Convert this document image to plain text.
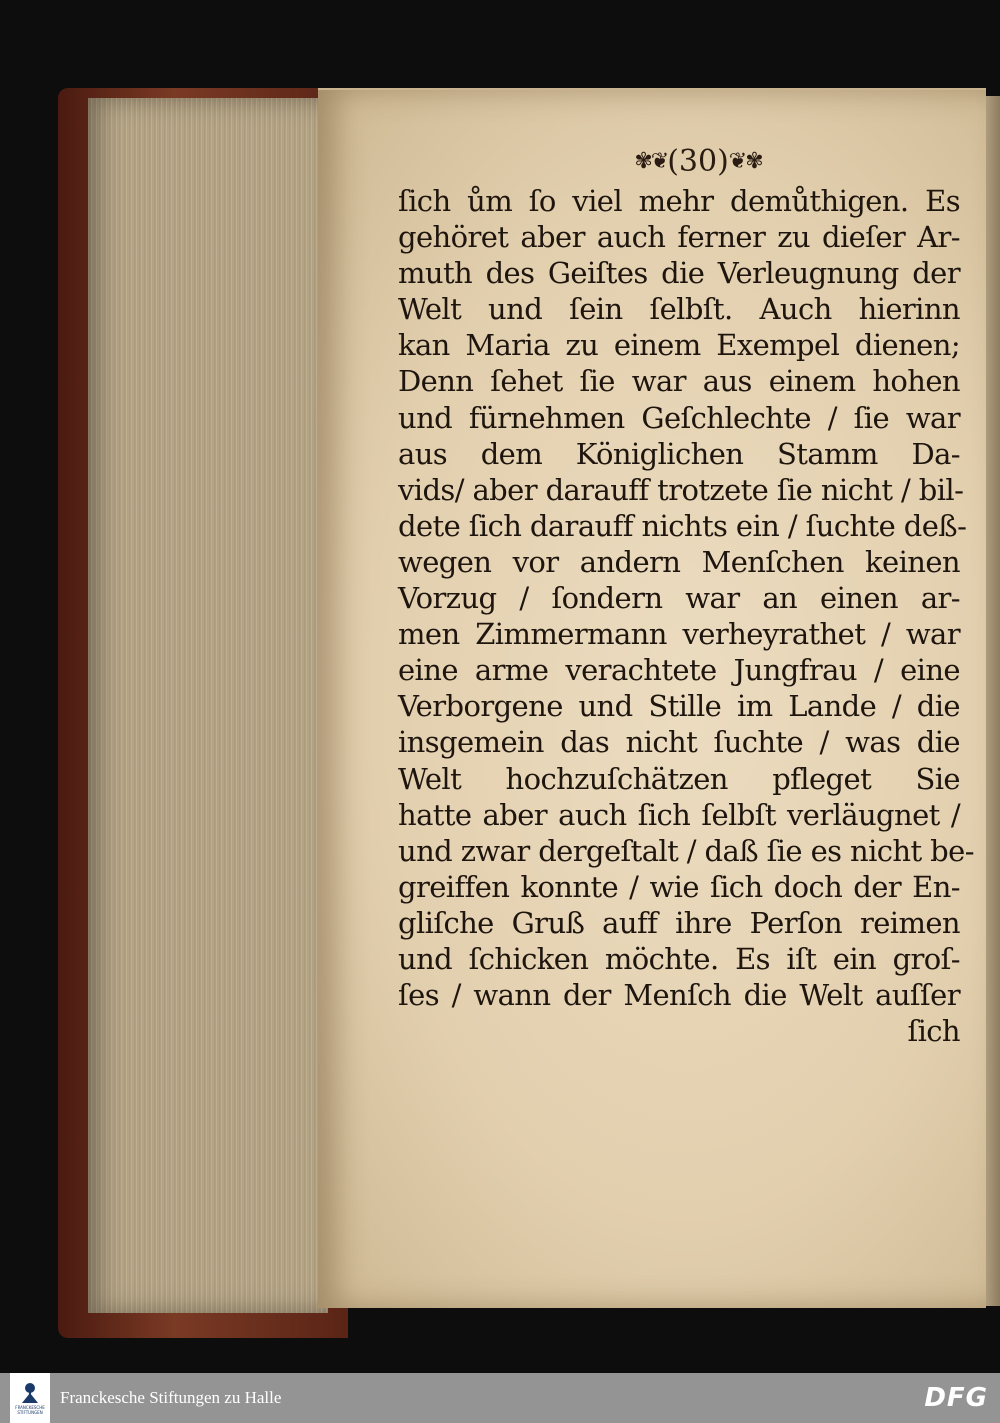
✾❦ (30) ❦✾
ſich ům ſo viel mehr demůthigen. Es
gehöret aber auch ferner zu dieſer Ar-
muth des Geiſtes die Verleugnung der
Welt und ſein ſelbſt. Auch hierinn
kan Maria zu einem Exempel dienen;
Denn ſehet ſie war aus einem hohen
und fürnehmen Geſchlechte / ſie war
aus dem Königlichen Stamm Da-
vids/ aber darauff trotzete ſie nicht / bil-
dete ſich darauff nichts ein / ſuchte deß-
wegen vor andern Menſchen keinen
Vorzug / ſondern war an einen ar-
men Zimmermann verheyrathet / war
eine arme verachtete Jungfrau / eine
Verborgene und Stille im Lande / die
insgemein das nicht ſuchte / was die
Welt hochzuſchätzen pfleget Sie
hatte aber auch ſich ſelbſt verläugnet /
und zwar dergeſtalt / daß ſie es nicht be-
greiffen konnte / wie ſich doch der En-
gliſche Gruß auff ihre Perſon reimen
und ſchicken möchte. Es iſt ein groſ-
ſes / wann der Menſch die Welt auſſer
ſich
FRANCKESCHE STIFTUNGEN
Franckesche Stiftungen zu Halle	DFG
